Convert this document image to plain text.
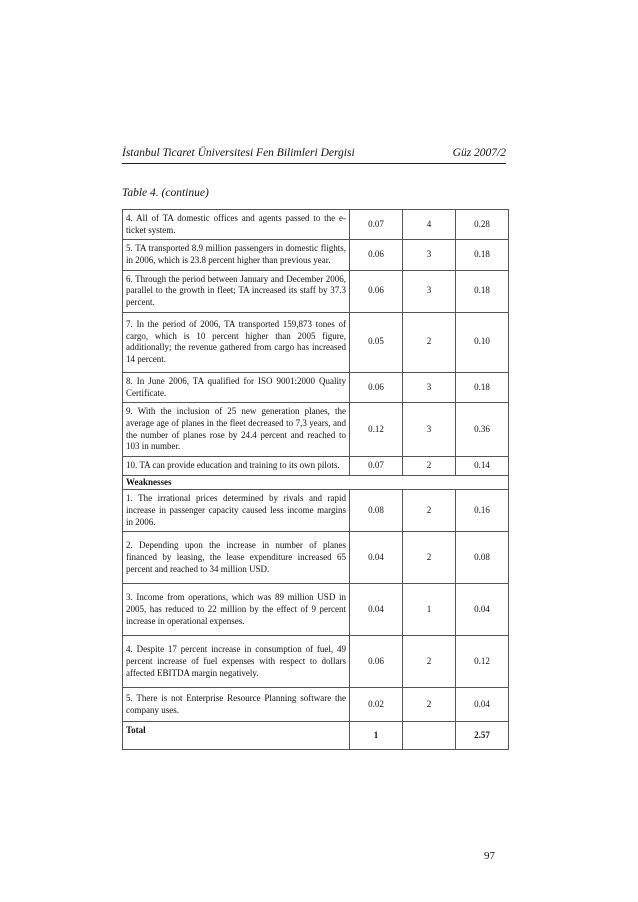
İstanbul Ticaret Üniversitesi Fen Bilimleri Dergisi	Güz 2007/2
Table 4. (continue)
4. All of TA domestic offices and agents passed to the e-ticket system.	0.07	4	0.28
5. TA transported 8.9 million passengers in domestic flights, in 2006, which is 23.8 percent higher than previous year.	0.06	3	0.18
6. Through the period between January and December 2006, parallel to the growth in fleet; TA increased its staff by 37.3 percent.	0.06	3	0.18
7. In the period of 2006, TA transported 159,873 tones of cargo, which is 10 percent higher than 2005 figure, additionally; the revenue gathered from cargo has increased 14 percent.	0.05	2	0.10
8. In June 2006, TA qualified for ISO 9001:2000 Quality Certificate.	0.06	3	0.18
9. With the inclusion of 25 new generation planes, the average age of planes in the fleet decreased to 7,3 years, and the number of planes rose by 24.4 percent and reached to 103 in number.	0.12	3	0.36
10. TA can provide education and training to its own pilots.	0.07	2	0.14
Weaknesses			
1. The irrational prices determined by rivals and rapid increase in passenger capacity caused less income margins in 2006.	0.08	2	0.16
2. Depending upon the increase in number of planes financed by leasing, the lease expenditure increased 65 percent and reached to 34 million USD.	0.04	2	0.08
3. Income from operations, which was 89 million USD in 2005, has reduced to 22 million by the effect of 9 percent increase in operational expenses.	0.04	1	0.04
4. Despite 17 percent increase in consumption of fuel, 49 percent increase of fuel expenses with respect to dollars affected EBITDA margin negatively.	0.06	2	0.12
5. There is not Enterprise Resource Planning software the company uses.	0.02	2	0.04
Total	1		2.57
97
